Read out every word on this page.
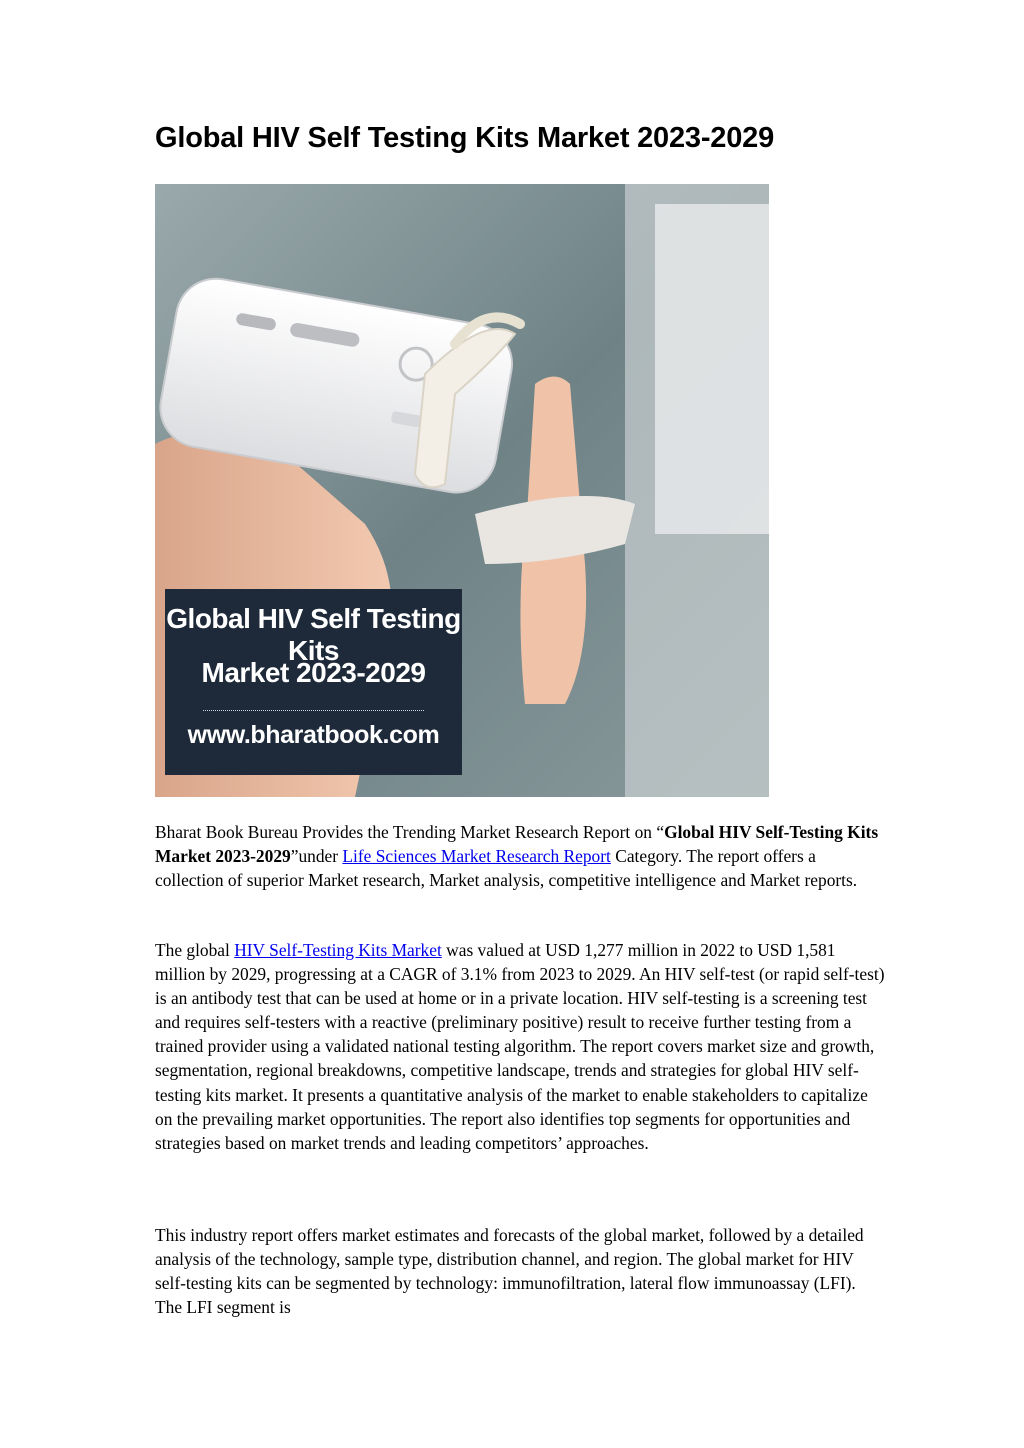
Global HIV Self Testing Kits Market 2023-2029
Global HIV Self Testing Kits
Market 2023-2029
www.bharatbook.com

Bharat Book Bureau Provides the Trending Market Research Report on “Global HIV Self-Testing Kits Market 2023-2029”under Life Sciences Market Research Report Category. The report offers a collection of superior Market research, Market analysis, competitive intelligence and Market reports.

The global HIV Self-Testing Kits Market was valued at USD 1,277 million in 2022 to USD 1,581 million by 2029, progressing at a CAGR of 3.1% from 2023 to 2029. An HIV self-test (or rapid self-test) is an antibody test that can be used at home or in a private location. HIV self-testing is a screening test and requires self-testers with a reactive (preliminary positive) result to receive further testing from a trained provider using a validated national testing algorithm. The report covers market size and growth, segmentation, regional breakdowns, competitive landscape, trends and strategies for global HIV self-testing kits market. It presents a quantitative analysis of the market to enable stakeholders to capitalize on the prevailing market opportunities. The report also identifies top segments for opportunities and strategies based on market trends and leading competitors’ approaches.

This industry report offers market estimates and forecasts of the global market, followed by a detailed analysis of the technology, sample type, distribution channel, and region. The global market for HIV self-testing kits can be segmented by technology: immunofiltration, lateral flow immunoassay (LFI). The LFI segment is
